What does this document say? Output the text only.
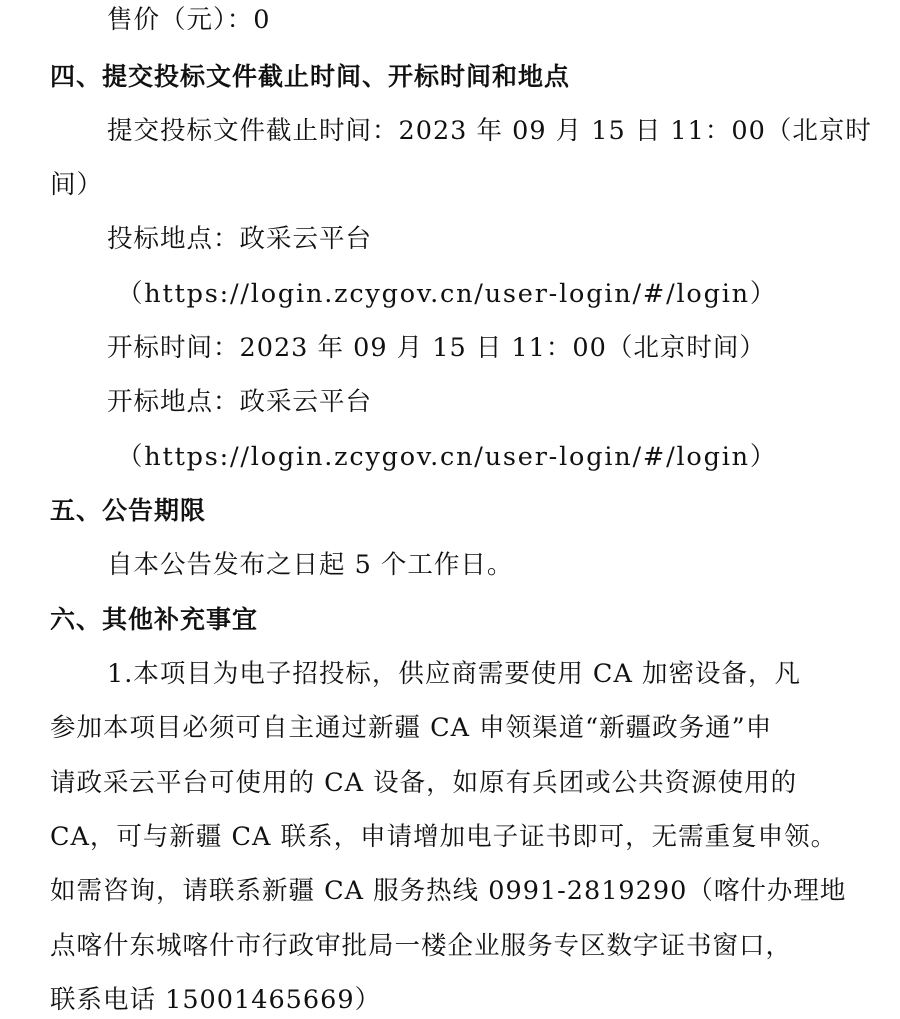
售价（元）：0
四、提交投标文件截止时间、开标时间和地点
提交投标文件截止时间：2023 年 09 月 15 日 11：00（北京时
间）
投标地点：政采云平台
（https://login.zcygov.cn/user-login/#/login）
开标时间：2023 年 09 月 15 日 11：00（北京时间）
开标地点：政采云平台
（https://login.zcygov.cn/user-login/#/login）
五、公告期限
自本公告发布之日起 5 个工作日。
六、其他补充事宜
1.本项目为电子招投标，供应商需要使用 CA 加密设备，凡
参加本项目必须可自主通过新疆 CA 申领渠道“新疆政务通”申
请政采云平台可使用的 CA 设备，如原有兵团或公共资源使用的
CA，可与新疆 CA 联系，申请增加电子证书即可，无需重复申领。
如需咨询，请联系新疆 CA 服务热线 0991-2819290（喀什办理地
点喀什东城喀什市行政审批局一楼企业服务专区数字证书窗口，
联系电话 15001465669）
